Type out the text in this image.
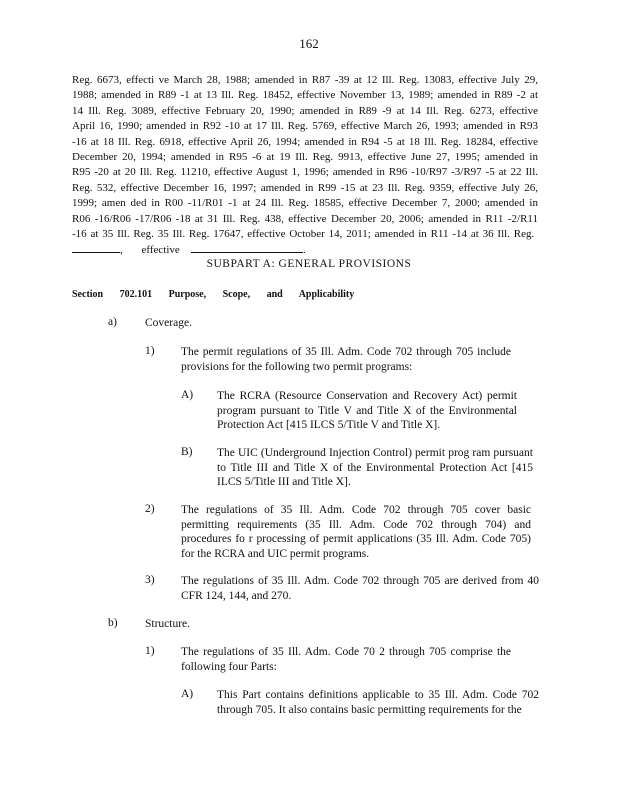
162
Reg. 6673, effecti ve March 28, 1988; amended in R87 -39 at 12 Ill. Reg. 13083, effective July 29, 1988; amended in R89 -1 at 13 Ill. Reg. 18452, effective November 13, 1989; amended in R89 -2 at 14 Ill. Reg. 3089, effective February 20, 1990; amended in R89 -9 at 14 Ill. Reg. 6273, effective April 16, 1990; amended in R92 -10 at 17 Ill. Reg. 5769, effective March 26, 1993; amended in R93 -16 at 18 Ill. Reg. 6918, effective April 26, 1994; amended in R94 -5 at 18 Ill. Reg. 18284, effective December 20, 1994; amended in R95 -6 at 19 Ill. Reg. 9913, effective June 27, 1995; amended in R95 -20 at 20 Ill. Reg. 11210, effective August 1, 1996; amended in R96 -10/R97 -3/R97 -5 at 22 Ill. Reg. 532, effective December 16, 1997; amended in R99 -15 at 23 Ill. Reg. 9359, effective July 26, 1999; amen ded in R00 -11/R01 -1 at 24 Ill. Reg. 18585, effective December 7, 2000; amended in R06 -16/R06 -17/R06 -18 at 31 Ill. Reg. 438, effective December 20, 2006; amended in R11 -2/R11 -16 at 35 Ill. Reg. 35 Ill. Reg. 17647, effective October 14, 2011; amended in R11 -14 at 36 Ill. Reg. ,     effective	.
SUBPART A: GENERAL PROVISIONS
Section 702.101 Purpose, Scope, and Applicability
a) Coverage.
1) The permit regulations of 35 Ill. Adm. Code 702 through 705 include provisions for the following two permit programs:
A) The RCRA (Resource Conservation and Recovery Act) permit program pursuant to Title V and Title X of the Environmental Protection Act [415 ILCS 5/Title V and Title X].
B) The UIC (Underground Injection Control) permit prog ram pursuant to Title III and Title X of the Environmental Protection Act [415 ILCS 5/Title III and Title X].
2) The regulations of 35 Ill. Adm. Code 702 through 705 cover basic permitting requirements (35 Ill. Adm. Code 702 through 704) and procedures fo r processing of permit applications (35 Ill. Adm. Code 705) for the RCRA and UIC permit programs.
3) The regulations of 35 Ill. Adm. Code 702 through 705 are derived from 40 CFR 124, 144, and 270.
b) Structure.
1) The regulations of 35 Ill. Adm. Code 70 2 through 705 comprise the following four Parts:
A) This Part contains definitions applicable to 35 Ill. Adm. Code 702 through 705. It also contains basic permitting requirements for the
